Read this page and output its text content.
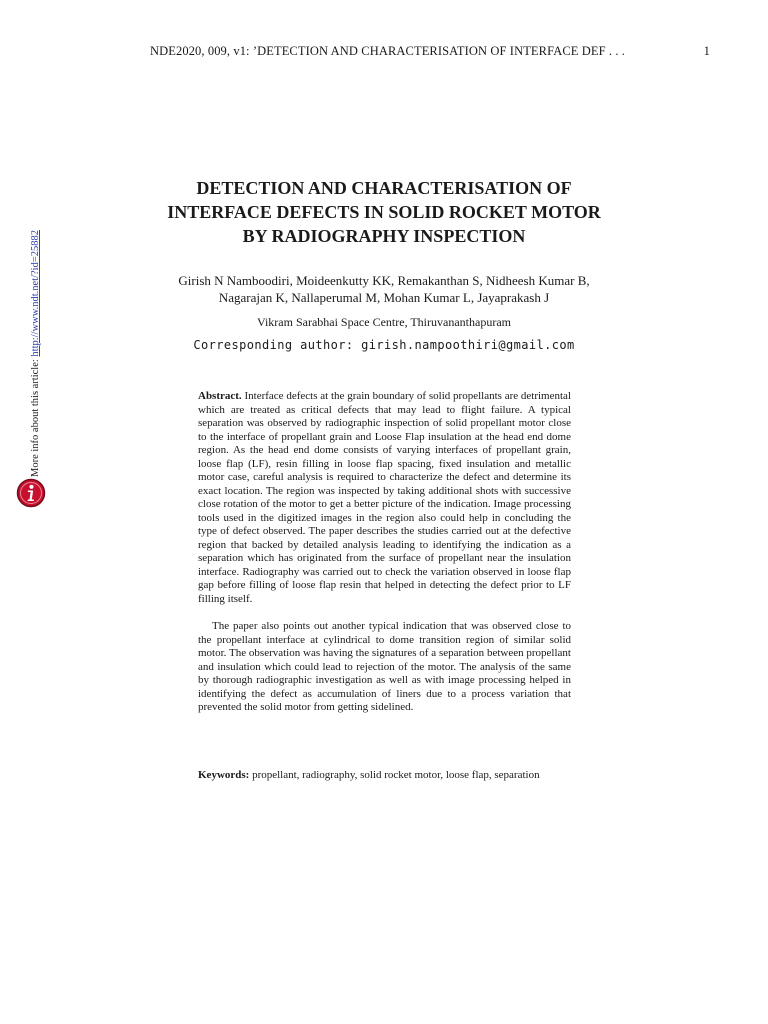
NDE2020, 009, v1: ’DETECTION AND CHARACTERISATION OF INTERFACE DEF . . .	1
More info about this article: http://www.ndt.net/?id=25882
DETECTION AND CHARACTERISATION OF
INTERFACE DEFECTS IN SOLID ROCKET MOTOR
BY RADIOGRAPHY INSPECTION
Girish N Namboodiri, Moideenkutty KK, Remakanthan S, Nidheesh Kumar B,
Nagarajan K, Nallaperumal M, Mohan Kumar L, Jayaprakash J
Vikram Sarabhai Space Centre, Thiruvananthapuram
Corresponding author: girish.nampoothiri@gmail.com

Abstract. Interface defects at the grain boundary of solid propellants are detrimental which are treated as critical defects that may lead to flight failure. A typical separation was observed by radiographic inspection of solid propellant motor close to the interface of propellant grain and Loose Flap insulation at the head end dome region. As the head end dome consists of varying interfaces of propellant grain, loose flap (LF), resin filling in loose flap spacing, fixed insulation and metallic motor case, careful analysis is required to characterize the defect and determine its exact location. The region was inspected by taking additional shots with successive close rotation of the motor to get a better picture of the indication. Image processing tools used in the digitized images in the region also could help in concluding the type of defect observed. The paper describes the studies carried out at the defective region that backed by detailed analysis leading to identifying the indication as a separation which has originated from the surface of propellant near the insulation interface. Radiography was carried out to check the variation observed in loose flap gap before filling of loose flap resin that helped in detecting the defect prior to LF filling itself.

The paper also points out another typical indication that was observed close to the propellant interface at cylindrical to dome transition region of similar solid motor. The observation was having the signatures of a separation between propellant and insulation which could lead to rejection of the motor. The analysis of the same by thorough radiographic investigation as well as with image processing helped in identifying the defect as accumulation of liners due to a process variation that prevented the solid motor from getting sidelined.

Keywords: propellant, radiography, solid rocket motor, loose flap, separation
